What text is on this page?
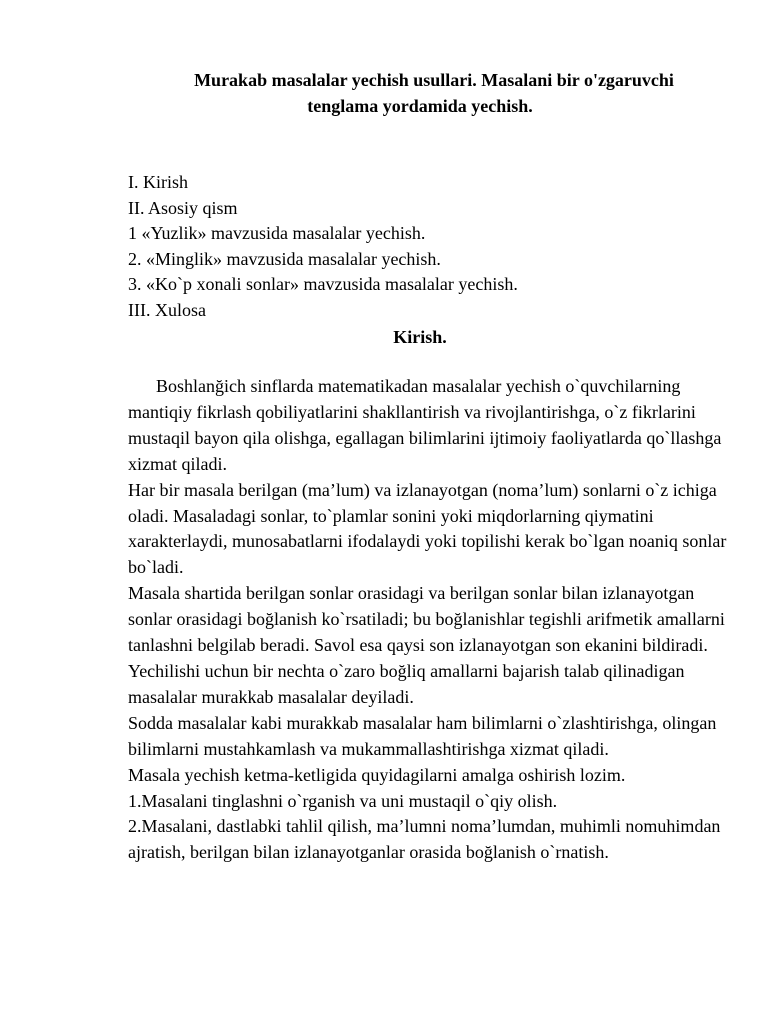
Murakab masalalar yechish usullari. Masalani bir o'zgaruvchi
tenglama yordamida yechish.
I. Kirish
II. Asosiy qism
1 «Yuzlik» mavzusida masalalar yechish.
2. «Minglik» mavzusida masalalar yechish.
3. «Ko`p xonali sonlar» mavzusida masalalar yechish.
III. Xulosa
Kirish.

Boshlanğich sinflarda matematikadan masalalar yechish o`quvchilarning mantiqiy fikrlash qobiliyatlarini shakllantirish va rivojlantirishga, o`z fikrlarini mustaqil bayon qila olishga, egallagan bilimlarini ijtimoiy faoliyatlarda qo`llashga xizmat qiladi.

Har bir masala berilgan (ma’lum) va izlanayotgan (noma’lum) sonlarni o`z ichiga oladi. Masaladagi sonlar, to`plamlar sonini yoki miqdorlarning qiymatini xarakterlaydi, munosabatlarni ifodalaydi yoki topilishi kerak bo`lgan noaniq sonlar bo`ladi.

Masala shartida berilgan sonlar orasidagi va berilgan sonlar bilan izlanayotgan sonlar orasidagi boğlanish ko`rsatiladi; bu boğlanishlar tegishli arifmetik amallarni tanlashni belgilab beradi. Savol esa qaysi son izlanayotgan son ekanini bildiradi.

Yechilishi uchun bir nechta o`zaro boğliq amallarni bajarish talab qilinadigan masalalar murakkab masalalar deyiladi.

Sodda masalalar kabi murakkab masalalar ham bilimlarni o`zlashtirishga, olingan bilimlarni mustahkamlash va mukammallashtirishga xizmat qiladi.

Masala yechish ketma-ketligida quyidagilarni amalga oshirish lozim.

1.Masalani tinglashni o`rganish va uni mustaqil o`qiy olish.

2.Masalani, dastlabki tahlil qilish, ma’lumni noma’lumdan, muhimli nomuhimdan ajratish, berilgan bilan izlanayotganlar orasida boğlanish o`rnatish.
